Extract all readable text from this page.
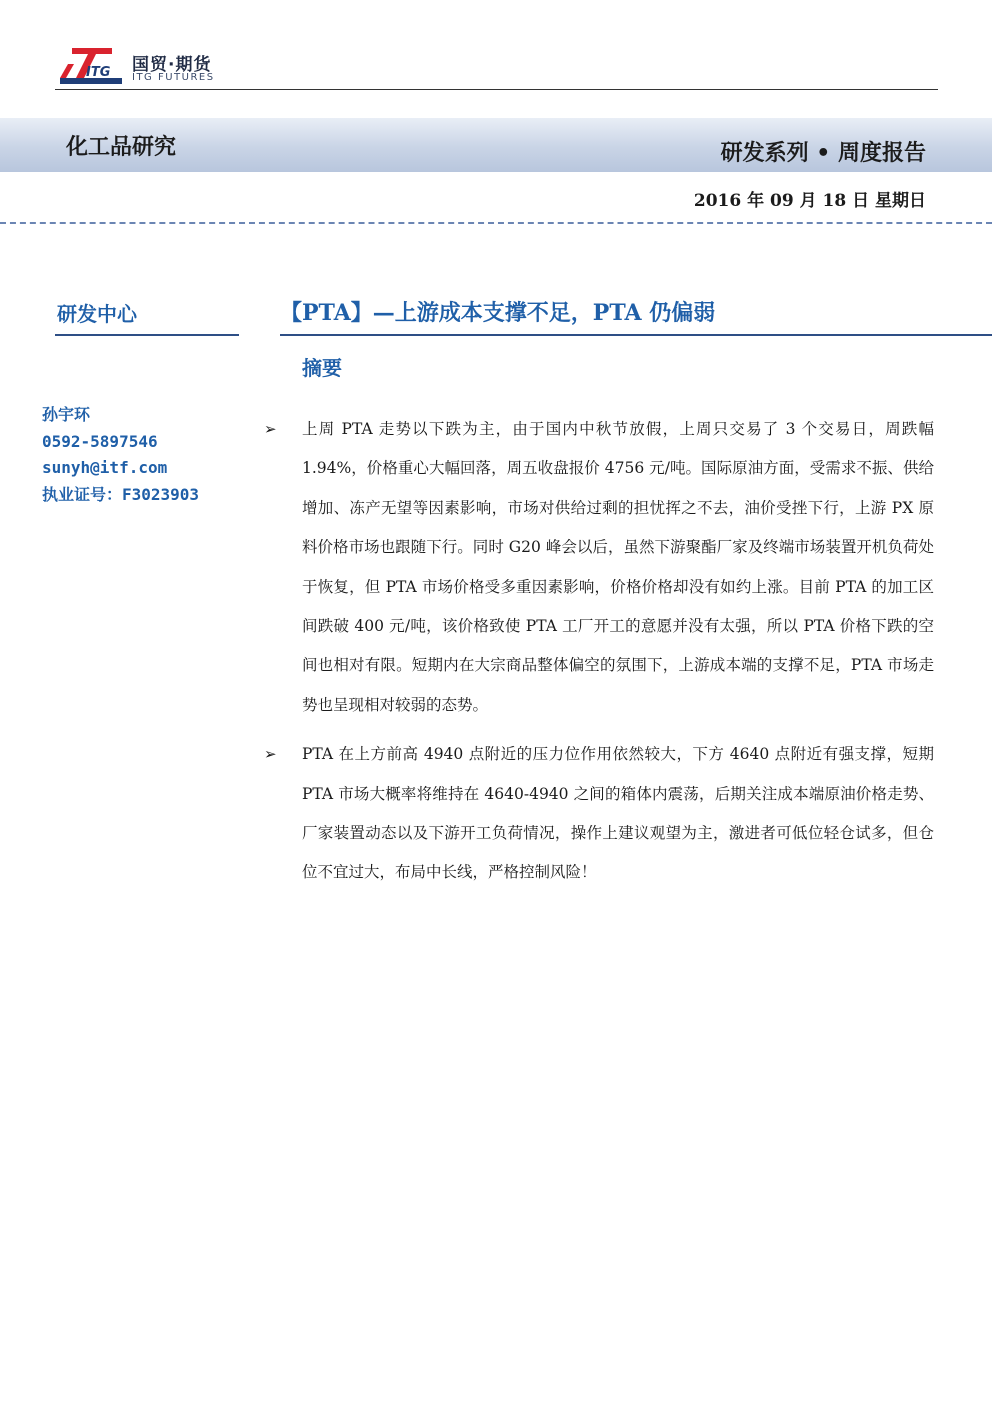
ITG 国贸·期货
ITG FUTURES
化工品研究	研发系列 • 周度报告
2016 年 09 月 18 日 星期日
研发中心	【PTA】—上游成本支撑不足，PTA 仍偏弱
摘要
孙宇环
0592-5897546
sunyh@itf.com
执业证号：F3023903
➢	上周 PTA 走势以下跌为主，由于国内中秋节放假，上周只交易了 3 个交易日，周跌幅 1.94%，价格重心大幅回落，周五收盘报价 4756 元/吨。国际原油方面，受需求不振、供给增加、冻产无望等因素影响，市场对供给过剩的担忧挥之不去，油价受挫下行，上游 PX 原料价格市场也跟随下行。同时 G20 峰会以后，虽然下游聚酯厂家及终端市场装置开机负荷处于恢复，但 PTA 市场价格受多重因素影响，价格价格却没有如约上涨。目前 PTA 的加工区间跌破 400 元/吨，该价格致使 PTA 工厂开工的意愿并没有太强，所以 PTA 价格下跌的空间也相对有限。短期内在大宗商品整体偏空的氛围下，上游成本端的支撑不足，PTA 市场走势也呈现相对较弱的态势。
➢	PTA 在上方前高 4940 点附近的压力位作用依然较大，下方 4640 点附近有强支撑，短期 PTA 市场大概率将维持在 4640-4940 之间的箱体内震荡，后期关注成本端原油价格走势、厂家装置动态以及下游开工负荷情况，操作上建议观望为主，激进者可低位轻仓试多，但仓位不宜过大，布局中长线，严格控制风险！
